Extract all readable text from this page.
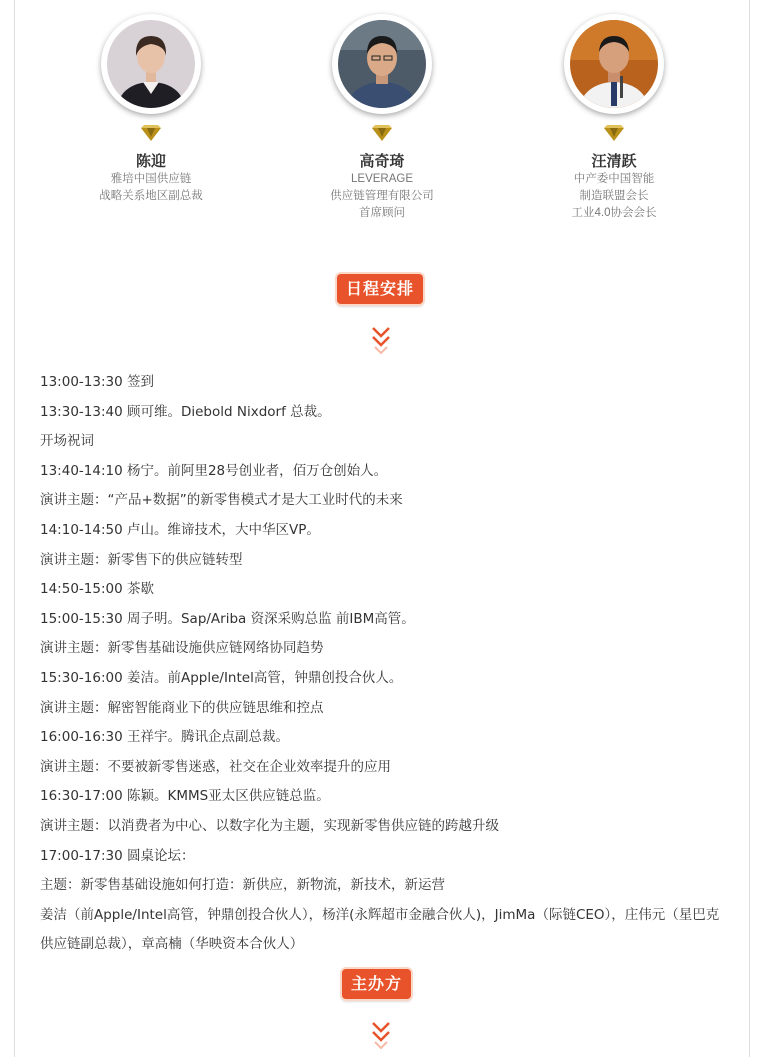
陈迎
雅培中国供应链
战略关系地区副总裁
高奇琦
LEVERAGE
供应链管理有限公司
首席顾问
汪清跃
中产委中国智能
制造联盟会长
工业4.0协会会长
日程安排

13:00-13:30 签到

13:30-13:40 顾可维。Diebold Nixdorf 总裁。

开场祝词

13:40-14:10 杨宁。前阿里28号创业者，佰万仓创始人。

演讲主题：“产品+数据”的新零售模式才是大工业时代的未来

14:10-14:50 卢山。维谛技术，大中华区VP。

演讲主题：新零售下的供应链转型

14:50-15:00 茶歇

15:00-15:30 周子明。Sap/Ariba 资深采购总监 前IBM高管。

演讲主题：新零售基础设施供应链网络协同趋势

15:30-16:00 姜洁。前Apple/Intel高管，钟鼎创投合伙人。

演讲主题：解密智能商业下的供应链思维和控点

16:00-16:30 王祥宇。腾讯企点副总裁。

演讲主题：不要被新零售迷惑，社交在企业效率提升的应用

16:30-17:00 陈颖。KMMS亚太区供应链总监。

演讲主题：以消费者为中心、以数字化为主题，实现新零售供应链的跨越升级

17:00-17:30 圆桌论坛：

主题：新零售基础设施如何打造：新供应，新物流，新技术，新运营

姜洁（前Apple/Intel高管，钟鼎创投合伙人），杨洋(永辉超市金融合伙人)，JimMa（际链CEO），庄伟元（星巴克供应链副总裁），章高楠（华映资本合伙人）

主办方
